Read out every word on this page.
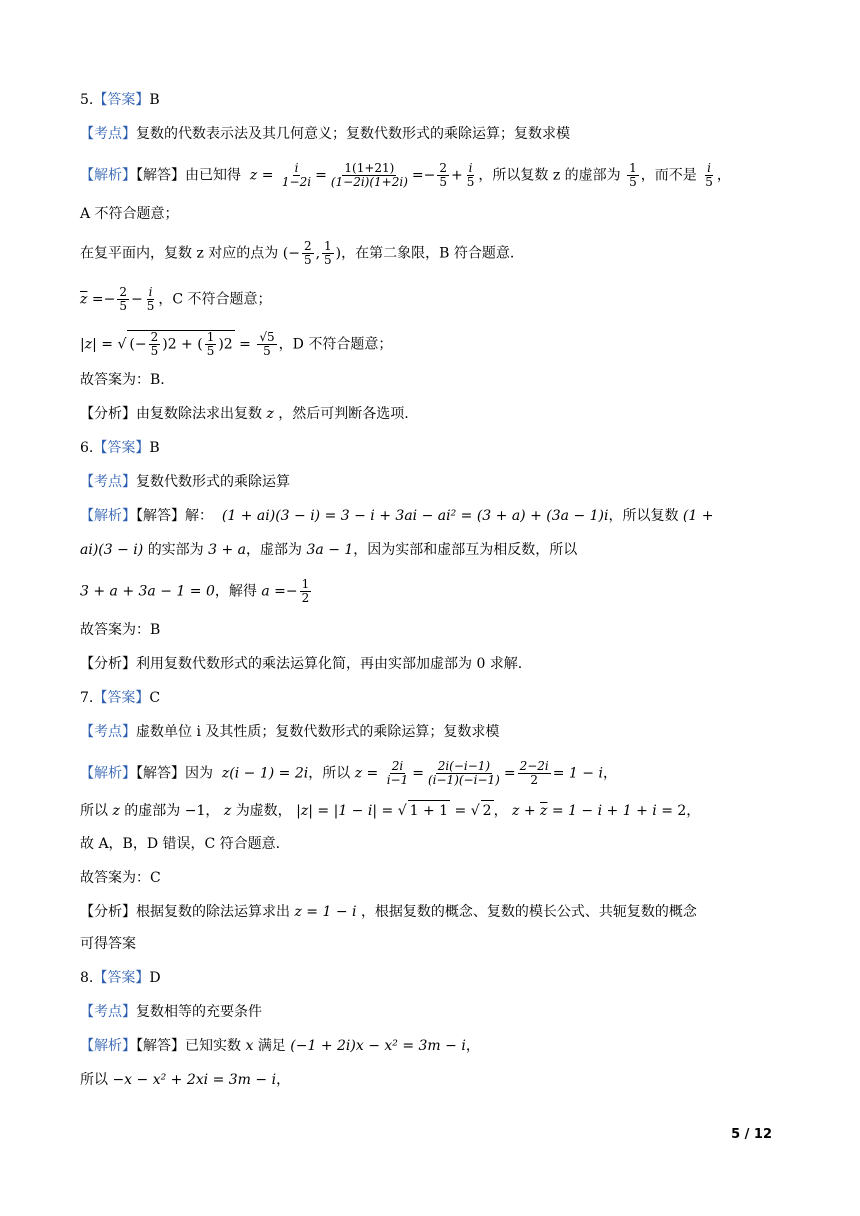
5.【答案】B
【考点】复数的代数表示法及其几何意义；复数代数形式的乘除运算；复数求模
【解析】【解答】由已知得  $z = \frac{i}{1-2i} = \frac{1(1+21)}{(1-2i)(1+2i)} =- \frac{2}{5} + \frac{i}{5}$ ，所以复数 z 的虚部为 $\frac{1}{5}$ ，而不是 $\frac{i}{5}$ ，
A 不符合题意；
在复平面内，复数 z 对应的点为 (− $\frac{2}{5}$ , $\frac{1}{5}$ )，在第二象限，B 符合题意.
$\overline{z} =- \frac{2}{5} - \frac{i}{5}$ ，C 不符合题意；
|z| = √ (− $\frac{2}{5} )2$ + ( $\frac{1}{5} )2 = \frac{√5}{5}$ ，D 不符合题意；
故答案为：B.
【分析】由复数除法求出复数 z ，然后可判断各选项.
6.【答案】B
【考点】复数代数形式的乘除运算
【解析】【解答】解：  (1 + ai)(3 − i) = 3 − i + 3ai − ai² = (3 + a) + (3a − 1)i，所以复数 (1 +
ai)(3 − i) 的实部为 3 + a，虚部为 3a − 1，因为实部和虚部互为相反数，所以
3 + a + 3a − 1 = 0，解得 $a =- \frac{1}{2}$
故答案为：B
【分析】利用复数代数形式的乘法运算化简，再由实部加虚部为 0 求解.
7.【答案】C
【考点】虚数单位 i 及其性质；复数代数形式的乘除运算；复数求模
【解析】【解答】因为  z(i − 1) = 2i，所以 $z = \frac{2i}{i-1} = \frac{2i(-i-1)}{(i-1)(-i-1)} = \frac{2-2i}{2} = 1 - i$，
所以 z 的虚部为 −1， z 为虚数， |z| = |1 − i| = √ 1 + 1 = √ 2 ， $z + \overline{z} = 1 - i + 1 + i = 2$，
故 A，B，D 错误，C 符合题意.
故答案为：C
【分析】根据复数的除法运算求出 z = 1 − i ，根据复数的概念、复数的模长公式、共轭复数的概念
可得答案
8.【答案】D
【考点】复数相等的充要条件
【解析】【解答】已知实数 x 满足 (−1 + 2i)x − x² = 3m − i，
所以 −x − x² + 2xi = 3m − i，
5 / 12
